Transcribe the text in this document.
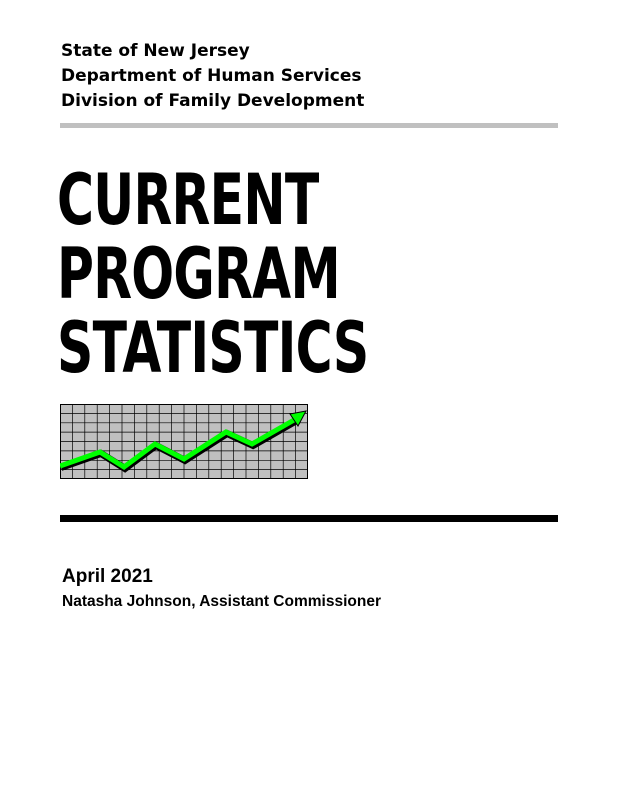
State of New Jersey
Department of Human Services
Division of Family Development
CURRENT
PROGRAM
STATISTICS
April 2021
Natasha Johnson, Assistant Commissioner
